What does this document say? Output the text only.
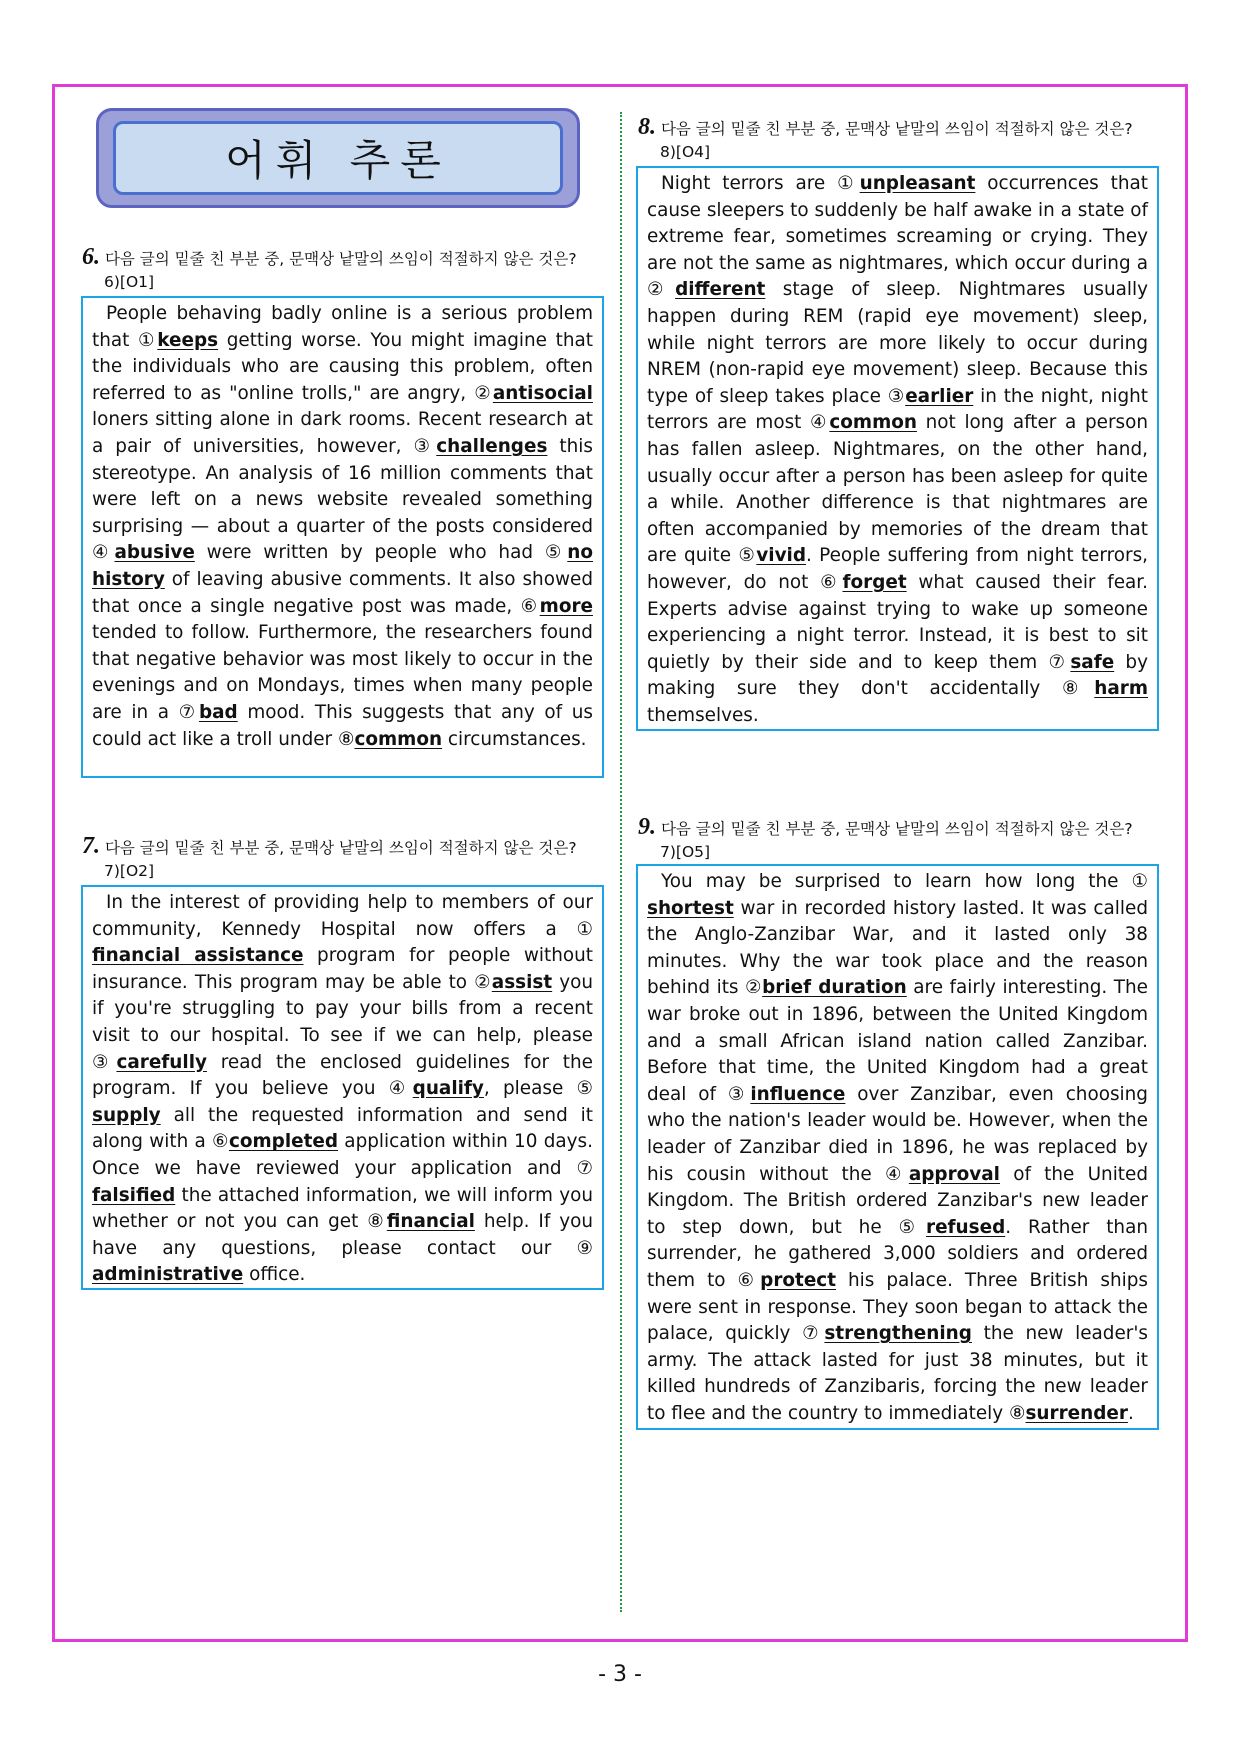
어휘 추론
6. 다음 글의 밑줄 친 부분 중, 문맥상 낱말의 쓰임이 적절하지 않은 것은?
6)[O1]

People behaving badly online is a serious problem that ①keeps getting worse. You might imagine that the individuals who are causing this problem, often referred to as "online trolls," are angry, ②antisocial loners sitting alone in dark rooms. Recent research at a pair of universities, however, ③challenges this stereotype. An analysis of 16 million comments that were left on a news website revealed something surprising — about a quarter of the posts considered ④abusive were written by people who had ⑤no history of leaving abusive comments. It also showed that once a single negative post was made, ⑥more tended to follow. Furthermore, the researchers found that negative behavior was most likely to occur in the evenings and on Mondays, times when many people are in a ⑦bad mood. This suggests that any of us could act like a troll under ⑧common circumstances.

7. 다음 글의 밑줄 친 부분 중, 문맥상 낱말의 쓰임이 적절하지 않은 것은?
7)[O2]

In the interest of providing help to members of our community, Kennedy Hospital now offers a ① financial assistance program for people without insurance. This program may be able to ②assist you if you're struggling to pay your bills from a recent visit to our hospital. To see if we can help, please ③carefully read the enclosed guidelines for the program. If you believe you ④qualify, please ⑤ supply all the requested information and send it along with a ⑥completed application within 10 days. Once we have reviewed your application and ⑦ falsified the attached information, we will inform you whether or not you can get ⑧financial help. If you have any questions, please contact our ⑨ administrative office.

8. 다음 글의 밑줄 친 부분 중, 문맥상 낱말의 쓰임이 적절하지 않은 것은?
8)[O4]

Night terrors are ①unpleasant occurrences that cause sleepers to suddenly be half awake in a state of extreme fear, sometimes screaming or crying. They are not the same as nightmares, which occur during a ②different stage of sleep. Nightmares usually happen during REM (rapid eye movement) sleep, while night terrors are more likely to occur during NREM (non-rapid eye movement) sleep. Because this type of sleep takes place ③earlier in the night, night terrors are most ④common not long after a person has fallen asleep. Nightmares, on the other hand, usually occur after a person has been asleep for quite a while. Another difference is that nightmares are often accompanied by memories of the dream that are quite ⑤vivid. People suffering from night terrors, however, do not ⑥forget what caused their fear. Experts advise against trying to wake up someone experiencing a night terror. Instead, it is best to sit quietly by their side and to keep them ⑦safe by making sure they don't accidentally ⑧harm themselves.

9. 다음 글의 밑줄 친 부분 중, 문맥상 낱말의 쓰임이 적절하지 않은 것은?
7)[O5]

You may be surprised to learn how long the ① shortest war in recorded history lasted. It was called the Anglo-Zanzibar War, and it lasted only 38 minutes. Why the war took place and the reason behind its ②brief duration are fairly interesting. The war broke out in 1896, between the United Kingdom and a small African island nation called Zanzibar. Before that time, the United Kingdom had a great deal of ③influence over Zanzibar, even choosing who the nation's leader would be. However, when the leader of Zanzibar died in 1896, he was replaced by his cousin without the ④approval of the United Kingdom. The British ordered Zanzibar's new leader to step down, but he ⑤refused. Rather than surrender, he gathered 3,000 soldiers and ordered them to ⑥protect his palace. Three British ships were sent in response. They soon began to attack the palace, quickly ⑦strengthening the new leader's army. The attack lasted for just 38 minutes, but it killed hundreds of Zanzibaris, forcing the new leader to flee and the country to immediately ⑧surrender.

- 3 -
